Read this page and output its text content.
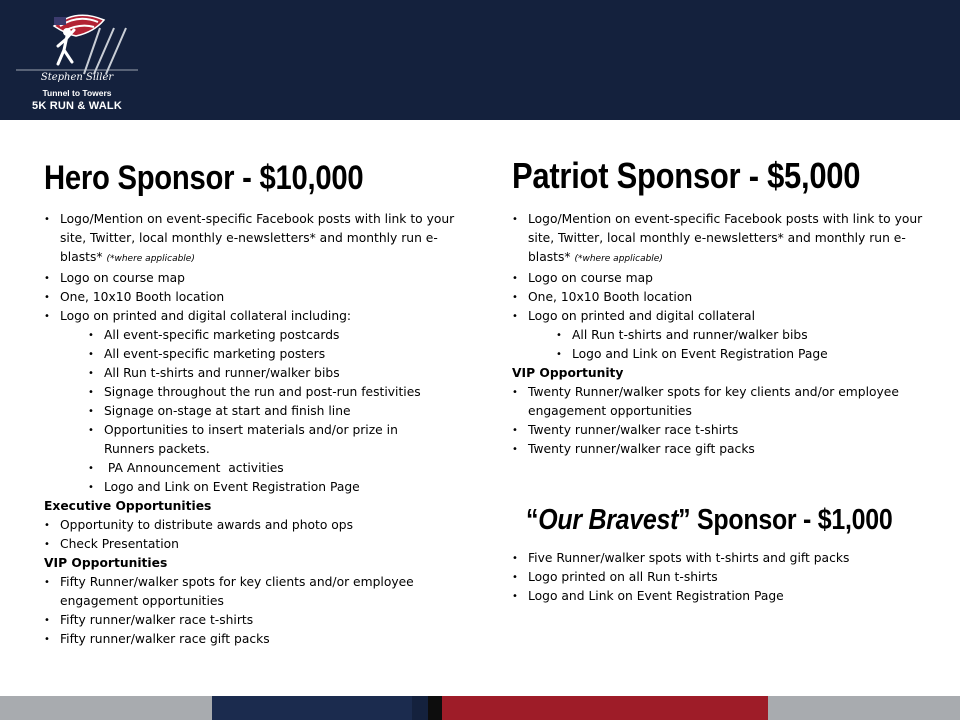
Stephen Siller
Tunnel to Towers
5K RUN & WALK
Hero Sponsor - $10,000
• Logo/Mention on event-specific Facebook posts with link to your site, Twitter, local monthly e-newsletters* and monthly run e-blasts* (*where applicable)
• Logo on course map
• One, 10x10 Booth location
• Logo on printed and digital collateral including:
• All event-specific marketing postcards
• All event-specific marketing posters
• All Run t-shirts and runner/walker bibs
• Signage throughout the run and post-run festivities
• Signage on-stage at start and finish line
• Opportunities to insert materials and/or prize in Runners packets.
•  PA Announcement  activities
• Logo and Link on Event Registration Page
Executive Opportunities
• Opportunity to distribute awards and photo ops
• Check Presentation
VIP Opportunities
• Fifty Runner/walker spots for key clients and/or employee engagement opportunities
• Fifty runner/walker race t-shirts
• Fifty runner/walker race gift packs
Patriot Sponsor - $5,000
• Logo/Mention on event-specific Facebook posts with link to your site, Twitter, local monthly e-newsletters* and monthly run e-blasts* (*where applicable)
• Logo on course map
• One, 10x10 Booth location
• Logo on printed and digital collateral
• All Run t-shirts and runner/walker bibs
• Logo and Link on Event Registration Page
VIP Opportunity
• Twenty Runner/walker spots for key clients and/or employee engagement opportunities
• Twenty runner/walker race t-shirts
• Twenty runner/walker race gift packs
“Our Bravest” Sponsor - $1,000
• Five Runner/walker spots with t-shirts and gift packs
• Logo printed on all Run t-shirts
• Logo and Link on Event Registration Page
